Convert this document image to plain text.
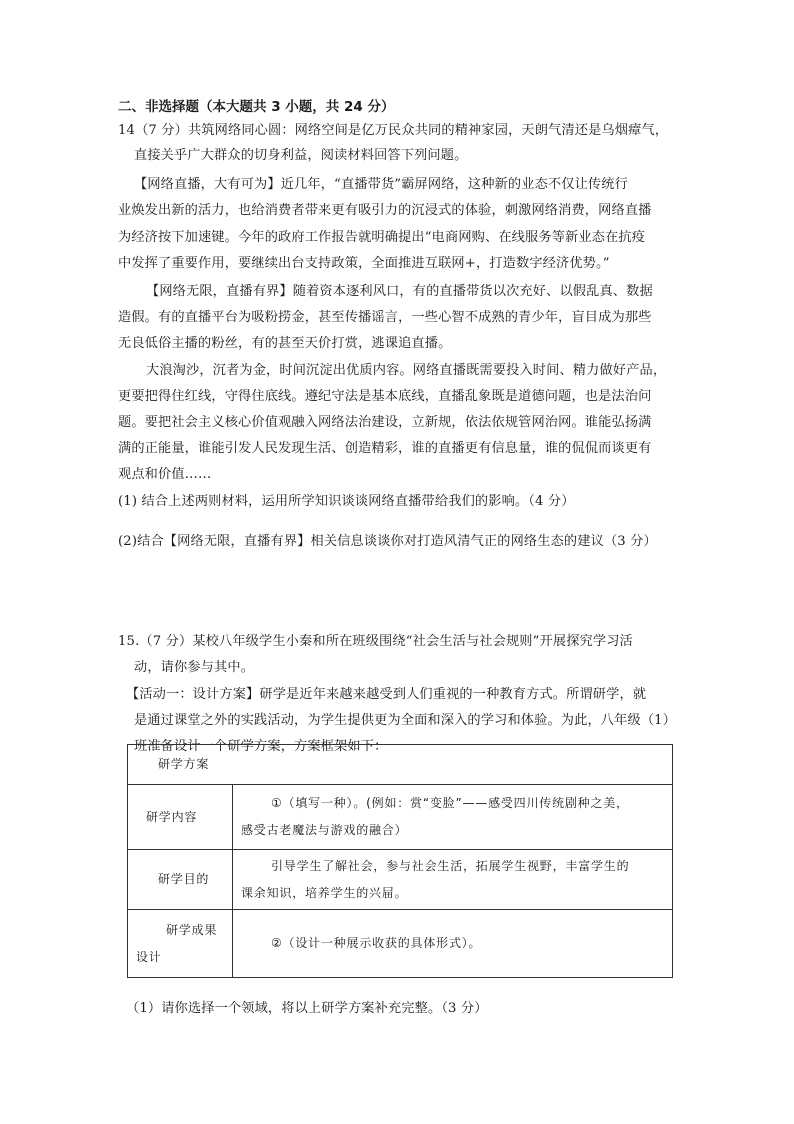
二、非选择题（本大题共 3 小题，共 24 分）
14（7 分）共筑网络同心圆：网络空间是亿万民众共同的精神家园，天朗气清还是乌烟瘴气，
直接关乎广大群众的切身利益，阅读材料回答下列问题。
【网络直播，大有可为】近几年，“直播带货”霸屏网络，这种新的业态不仅让传统行
业焕发出新的活力，也给消费者带来更有吸引力的沉浸式的体验，刺激网络消费，网络直播
为经济按下加速键。今年的政府工作报告就明确提出“电商网购、在线服务等新业态在抗疫
中发挥了重要作用，要继续出台支持政策，全面推进互联网+，打造数字经济优势。”
【网络无限，直播有界】随着资本逐利风口，有的直播带货以次充好、以假乱真、数据
造假。有的直播平台为吸粉捞金，甚至传播谣言，一些心智不成熟的青少年，盲目成为那些
无良低俗主播的粉丝，有的甚至天价打赏，逃课追直播。
大浪淘沙，沉者为金，时间沉淀出优质内容。网络直播既需要投入时间、精力做好产品，
更要把得住红线，守得住底线。遵纪守法是基本底线，直播乱象既是道德问题，也是法治问
题。要把社会主义核心价值观融入网络法治建设，立新规，依法依规管网治网。谁能弘扬满
满的正能量，谁能引发人民发现生活、创造精彩，谁的直播更有信息量，谁的侃侃而谈更有
观点和价值……
(1) 结合上述两则材料，运用所学知识谈谈网络直播带给我们的影响。（4 分）
(2)结合【网络无限，直播有界】相关信息谈谈你对打造风清气正的网络生态的建议（3 分）
15.（7 分）某校八年级学生小秦和所在班级围绕“社会生活与社会规则”开展探究学习活
动，请你参与其中。
【活动一：设计方案】研学是近年来越来越受到人们重视的一种教育方式。所谓研学，就
是通过课堂之外的实践活动，为学生提供更为全面和深入的学习和体验。为此，八年级（1）
班准备设计一个研学方案，方案框架如下：
研学方案	
研学内容	①（填写一种）。(例如：赏“变脸”——感受四川传统剧种之美，
感受古老魔法与游戏的融合）

研学目的	引导学生了解社会，参与社会生活，拓展学生视野，丰富学生的
课余知识，培养学生的兴屇。

研学成果
设计	②（设计一种展示收获的具体形式）。
（1）请你选择一个领域，将以上研学方案补充完整。（3 分）
